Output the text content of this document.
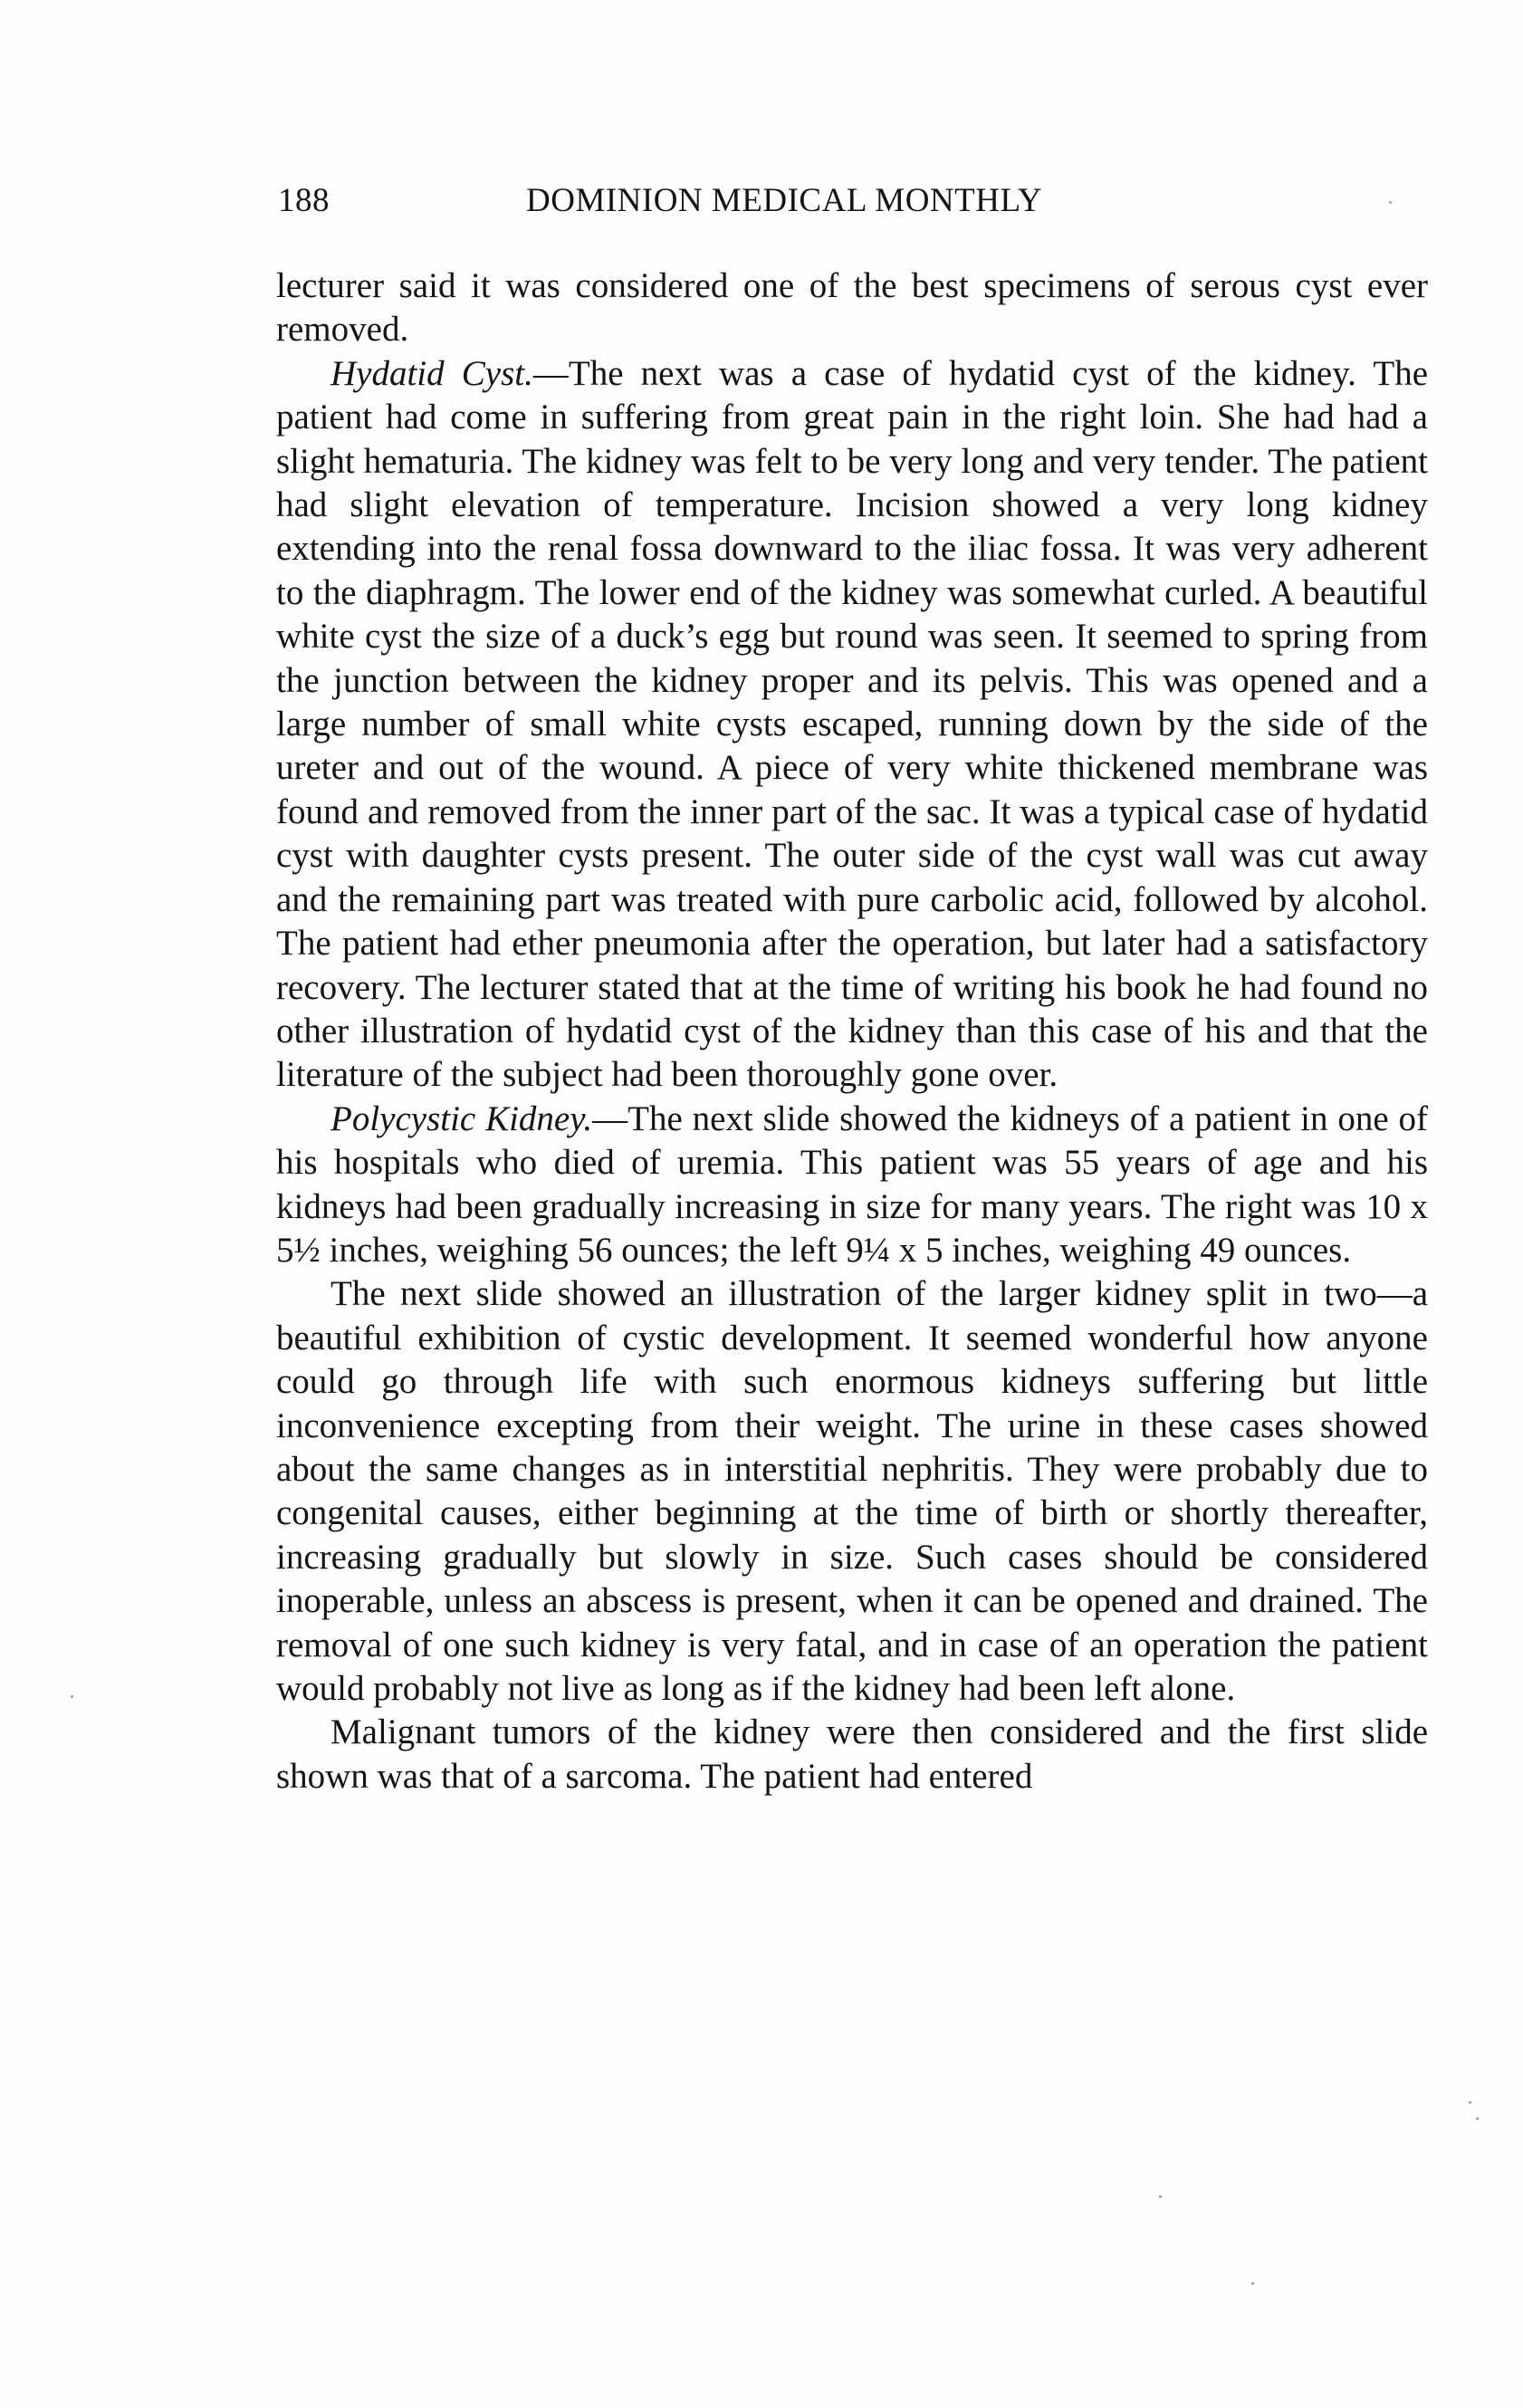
188	DOMINION MEDICAL MONTHLY

lecturer said it was considered one of the best specimens of serous cyst ever removed.

Hydatid Cyst.—The next was a case of hydatid cyst of the kidney. The patient had come in suffering from great pain in the right loin. She had had a slight hematuria. The kidney was felt to be very long and very tender. The patient had slight elevation of temperature. Incision showed a very long kidney extending into the renal fossa downward to the iliac fossa. It was very adherent to the diaphragm. The lower end of the kidney was somewhat curled. A beautiful white cyst the size of a duck’s egg but round was seen. It seemed to spring from the junction between the kidney proper and its pelvis. This was opened and a large number of small white cysts escaped, running down by the side of the ureter and out of the wound. A piece of very white thickened membrane was found and removed from the inner part of the sac. It was a typical case of hydatid cyst with daughter cysts present. The outer side of the cyst wall was cut away and the remaining part was treated with pure carbolic acid, followed by alcohol. The patient had ether pneumonia after the operation, but later had a satisfactory recovery. The lecturer stated that at the time of writing his book he had found no other illustration of hydatid cyst of the kidney than this case of his and that the literature of the subject had been thoroughly gone over.

Polycystic Kidney.—The next slide showed the kidneys of a patient in one of his hospitals who died of uremia. This patient was 55 years of age and his kidneys had been gradually increasing in size for many years. The right was 10 x 5½ inches, weighing 56 ounces; the left 9¼ x 5 inches, weighing 49 ounces.

The next slide showed an illustration of the larger kidney split in two—a beautiful exhibition of cystic development. It seemed wonderful how anyone could go through life with such enormous kidneys suffering but little inconvenience excepting from their weight. The urine in these cases showed about the same changes as in interstitial nephritis. They were probably due to congenital causes, either beginning at the time of birth or shortly thereafter, increasing gradually but slowly in size. Such cases should be considered inoperable, unless an abscess is present, when it can be opened and drained. The removal of one such kidney is very fatal, and in case of an operation the patient would probably not live as long as if the kidney had been left alone.

Malignant tumors of the kidney were then considered and the first slide shown was that of a sarcoma. The patient had entered
